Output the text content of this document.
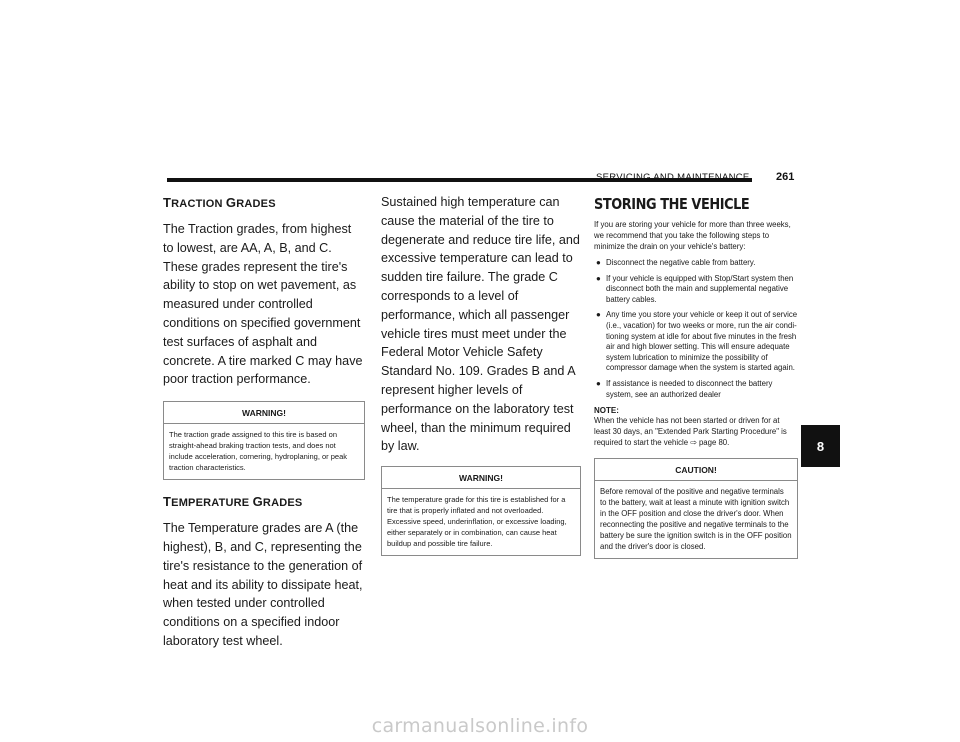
SERVICING AND MAINTENANCE 261
TRACTION GRADES

The Traction grades, from highest to lowest, are AA, A, B, and C. These grades represent the tire's ability to stop on wet pavement, as measured under controlled conditions on specified government test surfaces of asphalt and concrete. A tire marked C may have poor traction performance.

WARNING!
The traction grade assigned to this tire is based on straight-ahead braking traction tests, and does not include acceleration, cornering, hydroplaning, or peak traction characteristics.
TEMPERATURE GRADES

The Temperature grades are A (the highest), B, and C, representing the tire's resistance to the generation of heat and its ability to dissipate heat, when tested under controlled conditions on a specified indoor laboratory test wheel.

Sustained high temperature can cause the material of the tire to degenerate and reduce tire life, and excessive temperature can lead to sudden tire failure. The grade C corresponds to a level of performance, which all passenger vehicle tires must meet under the Federal Motor Vehicle Safety Standard No. 109. Grades B and A represent higher levels of performance on the laboratory test wheel, than the minimum required by law.

WARNING!
The temperature grade for this tire is established for a tire that is properly inflated and not overloaded. Excessive speed, underinflation, or excessive loading, either separately or in combination, can cause heat buildup and possible tire failure.
STORING THE VEHICLE

If you are storing your vehicle for more than three weeks, we recommend that you take the following steps to minimize the drain on your vehicle's battery:

● Disconnect the negative cable from battery.
● If your vehicle is equipped with Stop/Start system then disconnect both the main and supplemental negative battery cables.
● Any time you store your vehicle or keep it out of service (i.e., vacation) for two weeks or more, run the air condi-tioning system at idle for about five minutes in the fresh air and high blower setting. This will ensure adequate system lubrication to minimize the possibility of compressor damage when the system is started again.
● If assistance is needed to disconnect the battery system, see an authorized dealer
NOTE:

When the vehicle has not been started or driven for at least 30 days, an "Extended Park Starting Procedure" is required to start the vehicle ⇨ page 80.

CAUTION!
Before removal of the positive and negative terminals to the battery, wait at least a minute with ignition switch in the OFF position and close the driver's door. When reconnecting the positive and negative terminals to the battery be sure the ignition switch is in the OFF position and the driver's door is closed.
8
carmanualsonline.info
